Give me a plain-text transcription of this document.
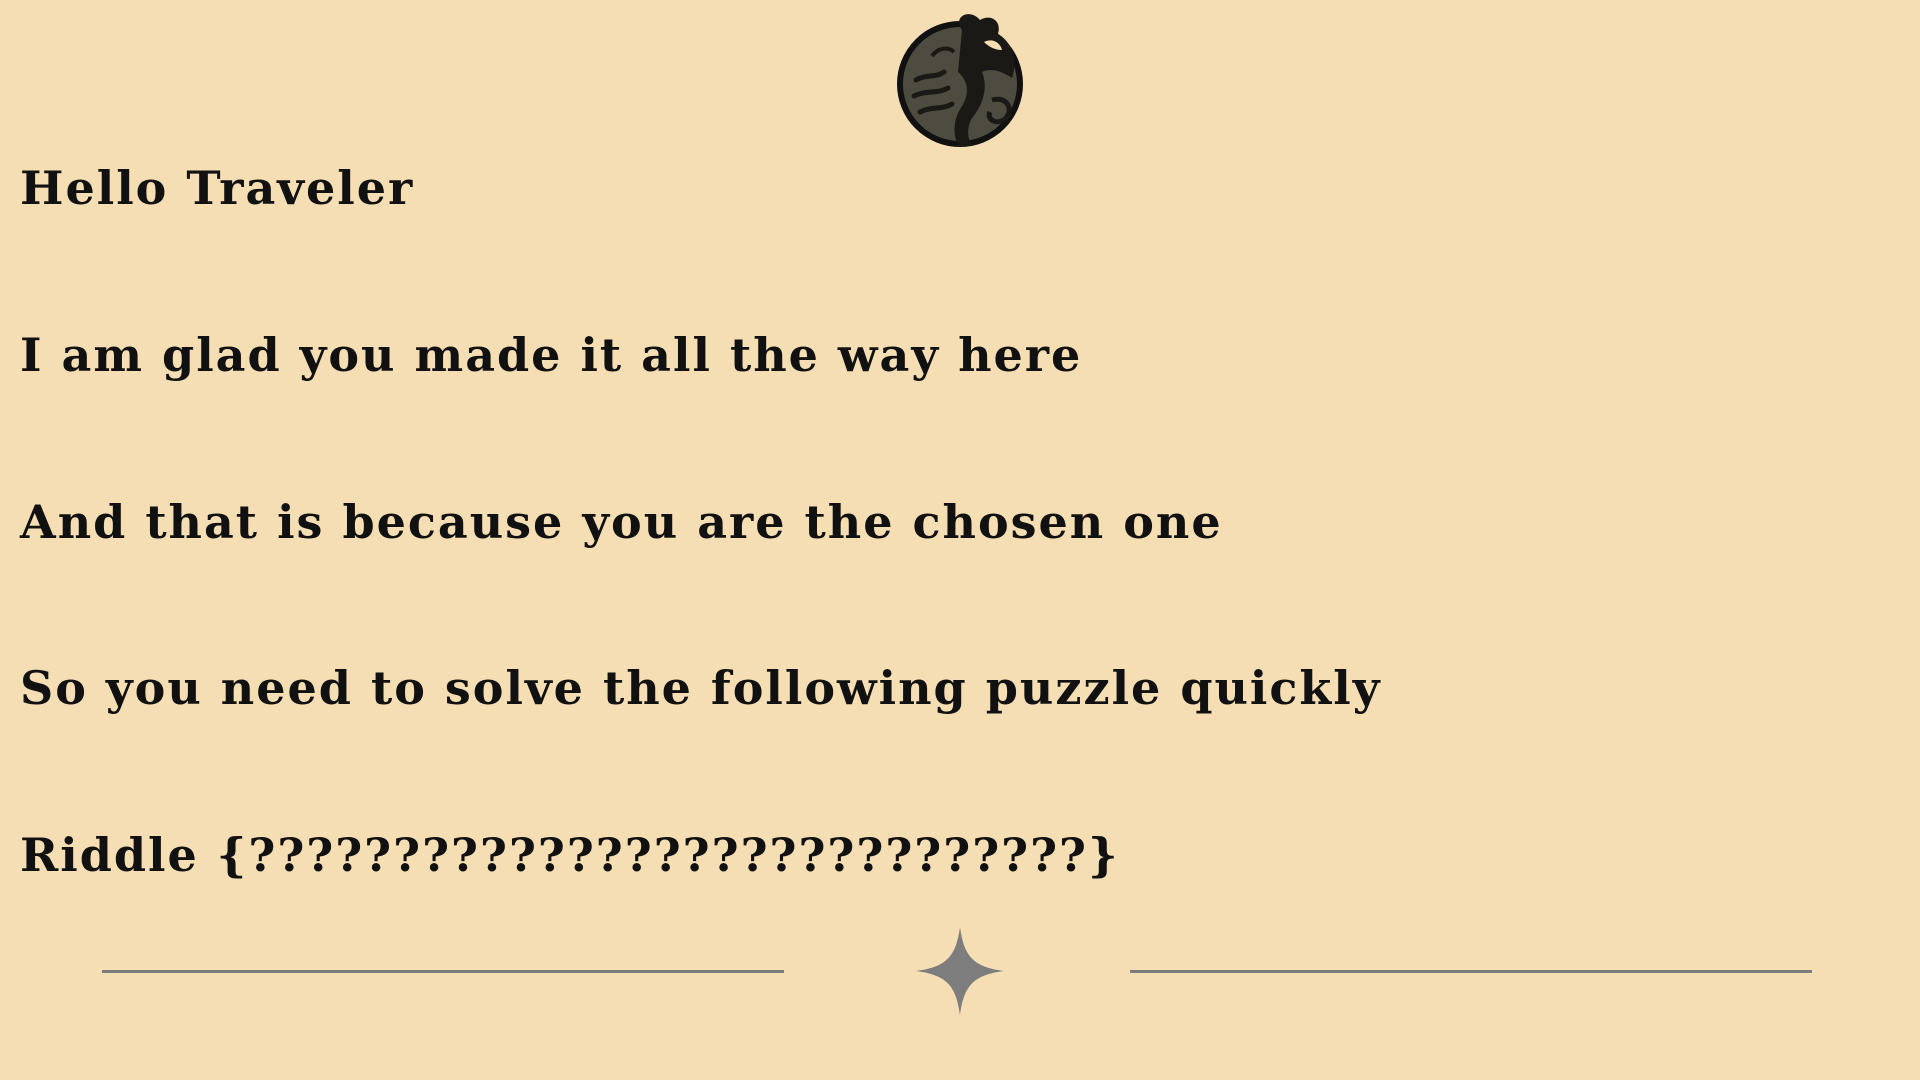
Hello Traveler
I am glad you made it all the way here
And that is because you are the chosen one
So you need to solve the following puzzle quickly
Riddle {?????????????????????????????}
